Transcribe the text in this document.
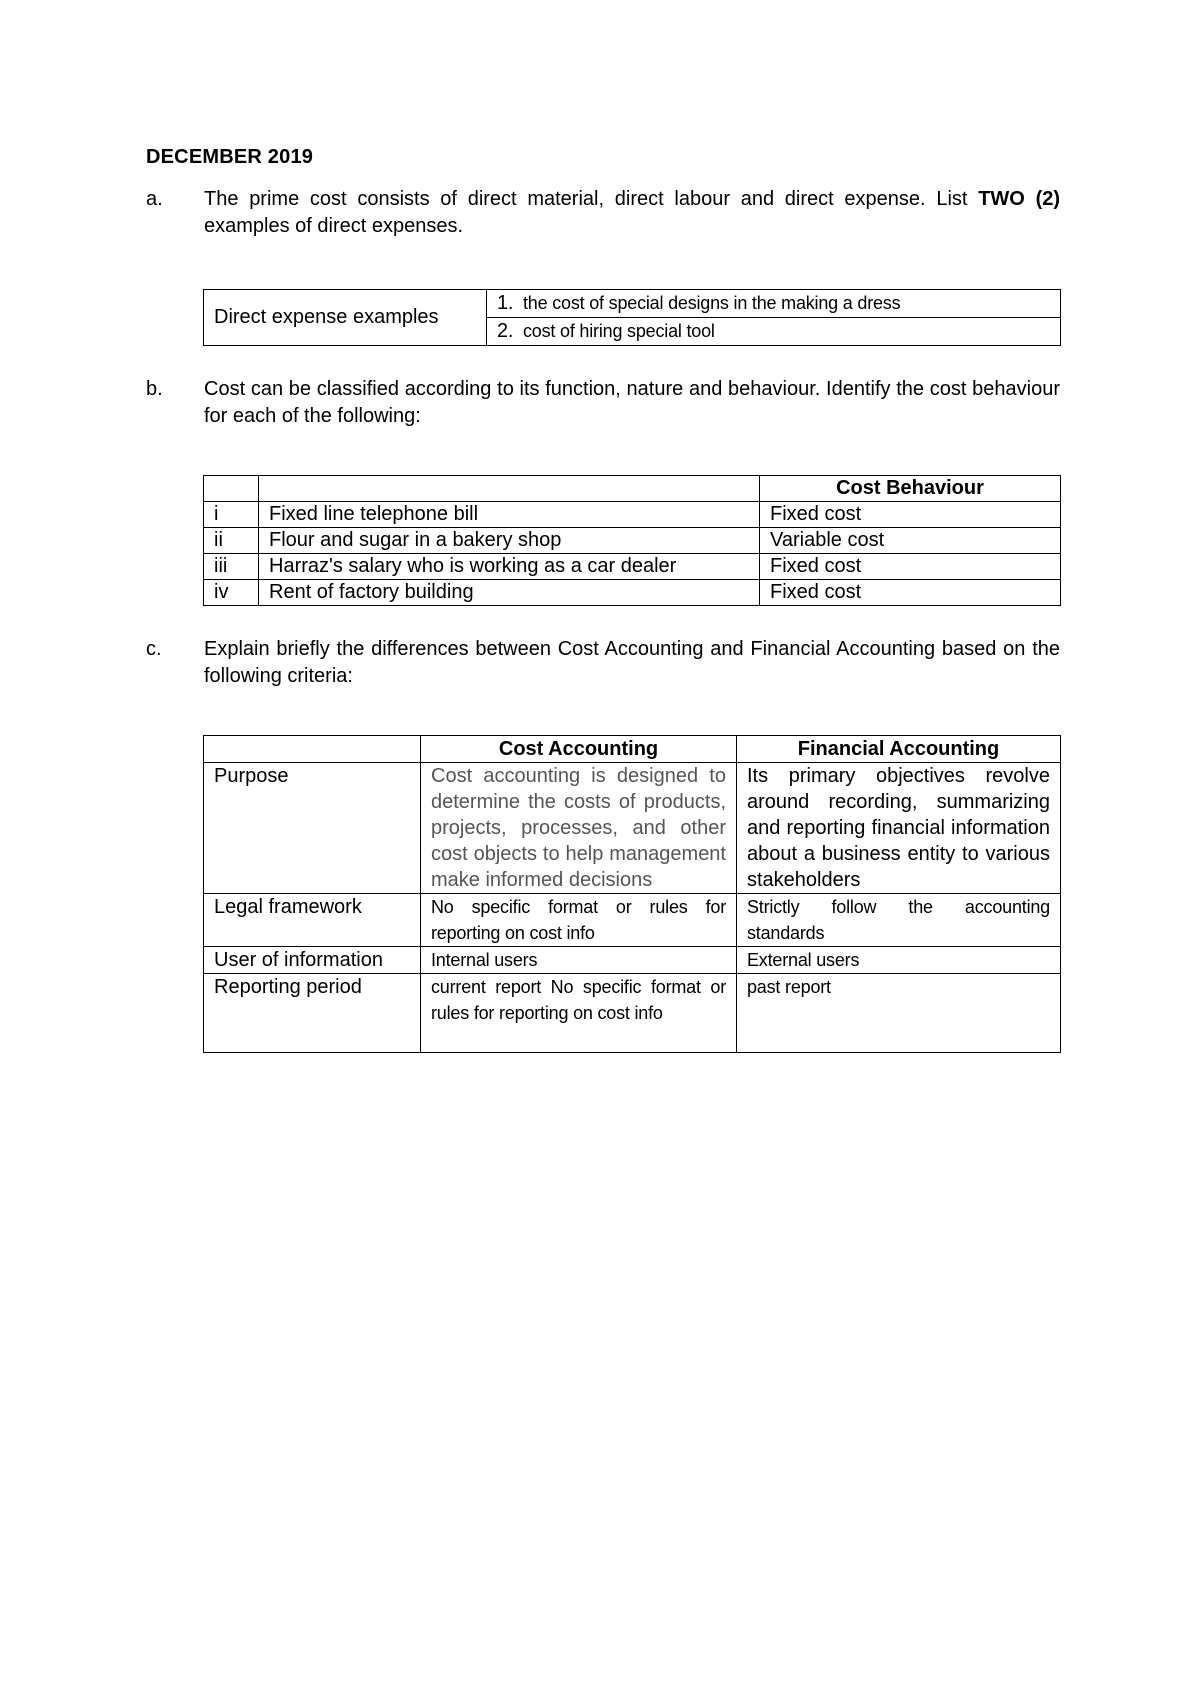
DECEMBER 2019
a. The prime cost consists of direct material, direct labour and direct expense. List TWO (2) examples of direct expenses.
Direct expense examples	1. the cost of special designs in the making a dress
2. cost of hiring special tool
b. Cost can be classified according to its function, nature and behaviour. Identify the cost behaviour for each of the following:
		Cost Behaviour
i	Fixed line telephone bill	Fixed cost
ii	Flour and sugar in a bakery shop	Variable cost
iii	Harraz's salary who is working as a car dealer	Fixed cost
iv	Rent of factory building	Fixed cost
c. Explain briefly the differences between Cost Accounting and Financial Accounting based on the following criteria:
	Cost Accounting	Financial Accounting
Purpose	Cost accounting is designed to determine the costs of products, projects, processes, and other cost objects to help management make informed decisions	Its primary objectives revolve around recording, summarizing and reporting financial information about a business entity to various stakeholders
Legal framework	No specific format or rules for reporting on cost info	Strictly follow the accounting standards
User of information	Internal users	External users
Reporting period	current report No specific format or rules for reporting on cost info	past report
